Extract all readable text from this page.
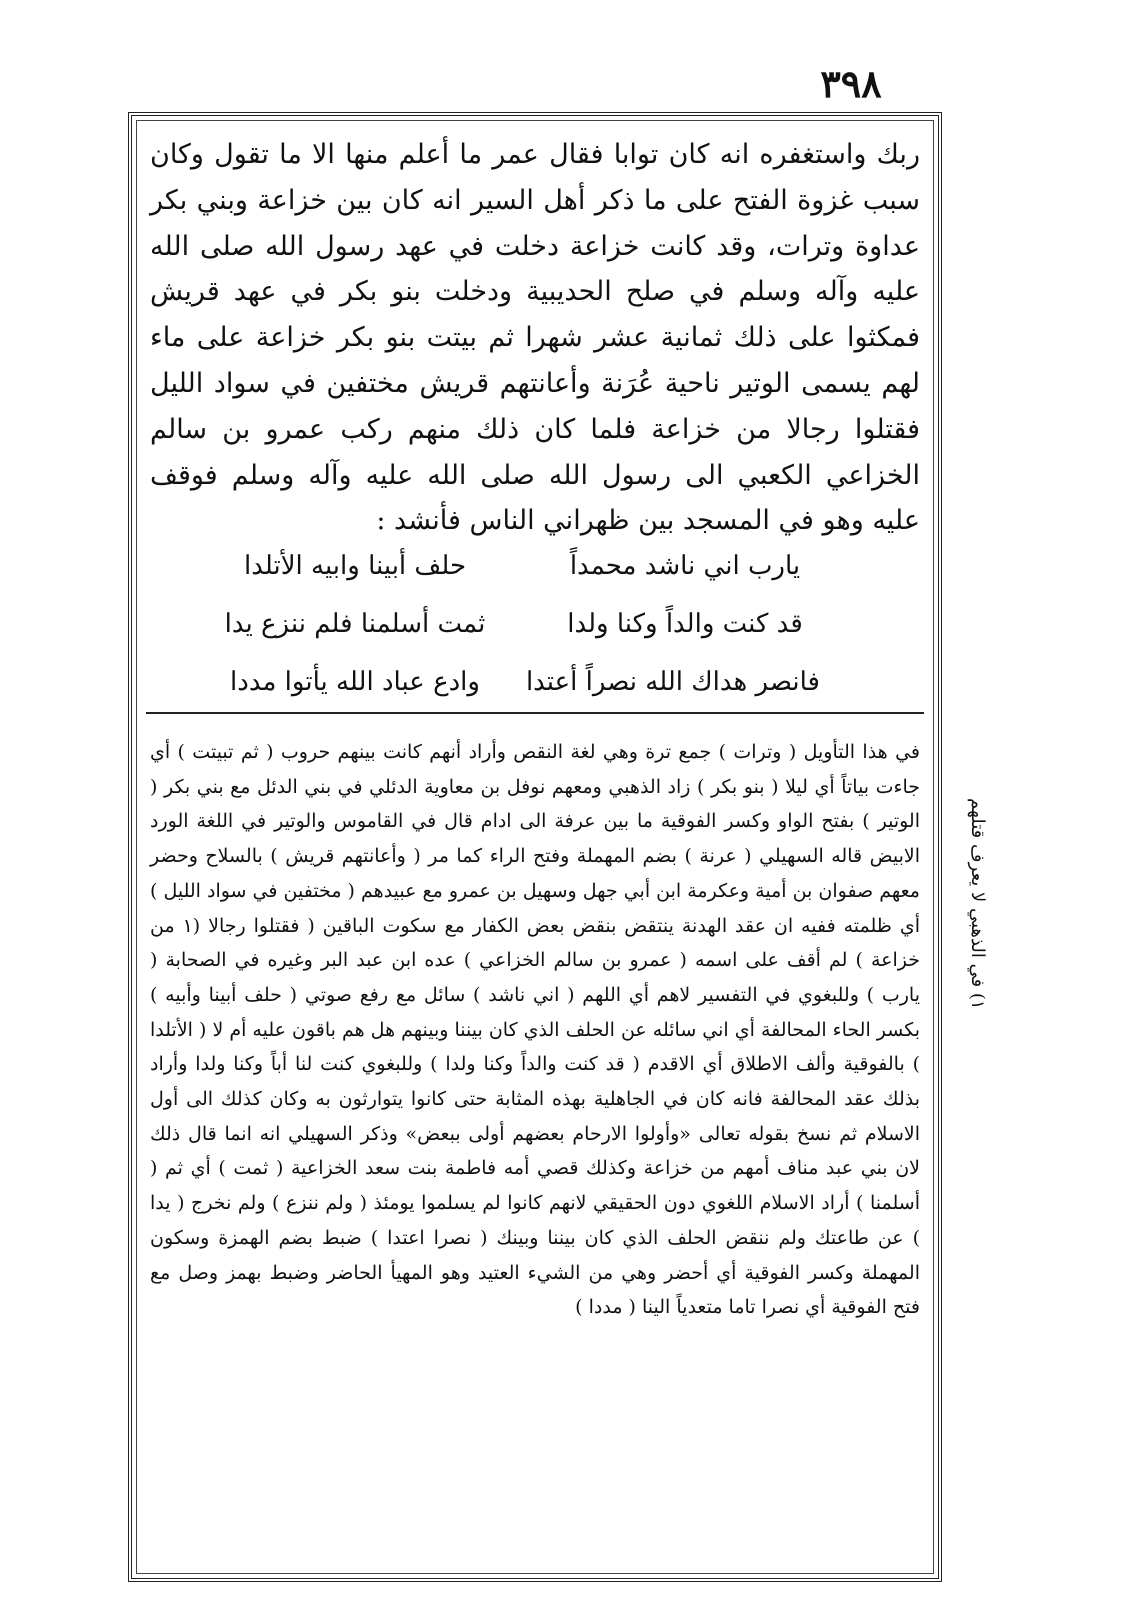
٣٩٨

ربك واستغفره انه كان توابا فقال عمر ما أعلم منها الا ما تقول وكان سبب غزوة الفتح على ما ذكر أهل السير انه كان بين خزاعة وبني بكر عداوة وترات، وقد كانت خزاعة دخلت في عهد رسول الله صلى الله عليه وآله وسلم في صلح الحديبية ودخلت بنو بكر في عهد قريش فمكثوا على ذلك ثمانية عشر شهرا ثم بيتت بنو بكر خزاعة على ماء لهم يسمى الوتير ناحية عُرَنة وأعانتهم قريش مختفين في سواد الليل فقتلوا رجالا من خزاعة فلما كان ذلك منهم ركب عمرو بن سالم الخزاعي الكعبي الى رسول الله صلى الله عليه وآله وسلم فوقف عليه وهو في المسجد بين ظهراني الناس فأنشد :

يارب اني ناشد محمداً
حلف أبينا وابيه الأتلدا
قد كنت والداً وكنا ولدا
ثمت أسلمنا فلم ننزع يدا
فانصر هداك الله نصراً أعتدا
وادع عباد الله يأتوا مددا

في هذا التأويل ( وترات ) جمع ترة وهي لغة النقص وأراد أنهم كانت بينهم حروب ( ثم تبيتت ) أي جاءت بياتاً أي ليلا ( بنو بكر ) زاد الذهبي ومعهم نوفل بن معاوية الدئلي في بني الدئل مع بني بكر ( الوتير ) بفتح الواو وكسر الفوقية ما بين عرفة الى ادام قال في القاموس والوتير في اللغة الورد الابيض قاله السهيلي ( عرنة ) بضم المهملة وفتح الراء كما مر ( وأعانتهم قريش ) بالسلاح وحضر معهم صفوان بن أمية وعكرمة ابن أبي جهل وسهيل بن عمرو مع عبيدهم ( مختفين في سواد الليل ) أي ظلمته ففيه ان عقد الهدنة ينتقض بنقض بعض الكفار مع سكوت الباقين ( فقتلوا رجالا (١ من خزاعة ) لم أقف على اسمه ( عمرو بن سالم الخزاعي ) عده ابن عبد البر وغيره في الصحابة ( يارب ) وللبغوي في التفسير لاهم أي اللهم ( اني ناشد ) سائل مع رفع صوتي ( حلف أبينا وأبيه ) بكسر الحاء المحالفة أي اني سائله عن الحلف الذي كان بيننا وبينهم هل هم باقون عليه أم لا ( الأتلدا ) بالفوقية وألف الاطلاق أي الاقدم ( قد كنت والداً وكنا ولدا ) وللبغوي كنت لنا أباً وكنا ولدا وأراد بذلك عقد المحالفة فانه كان في الجاهلية بهذه المثابة حتى كانوا يتوارثون به وكان كذلك الى أول الاسلام ثم نسخ بقوله تعالى «وأولوا الارحام بعضهم أولى ببعض» وذكر السهيلي انه انما قال ذلك لان بني عبد مناف أمهم من خزاعة وكذلك قصي أمه فاطمة بنت سعد الخزاعية ( ثمت ) أي ثم ( أسلمنا ) أراد الاسلام اللغوي دون الحقيقي لانهم كانوا لم يسلموا يومئذ ( ولم ننزع ) ولم نخرج ( يدا ) عن طاعتك ولم ننقض الحلف الذي كان بيننا وبينك ( نصرا اعتدا ) ضبط بضم الهمزة وسكون المهملة وكسر الفوقية أي أحضر وهي من الشيء العتيد وهو المهيأ الحاضر وضبط بهمز وصل مع فتح الفوقية أي نصرا تاما متعدياً الينا ( مددا )

١) في الذهبي لا يعرف قتلهم
